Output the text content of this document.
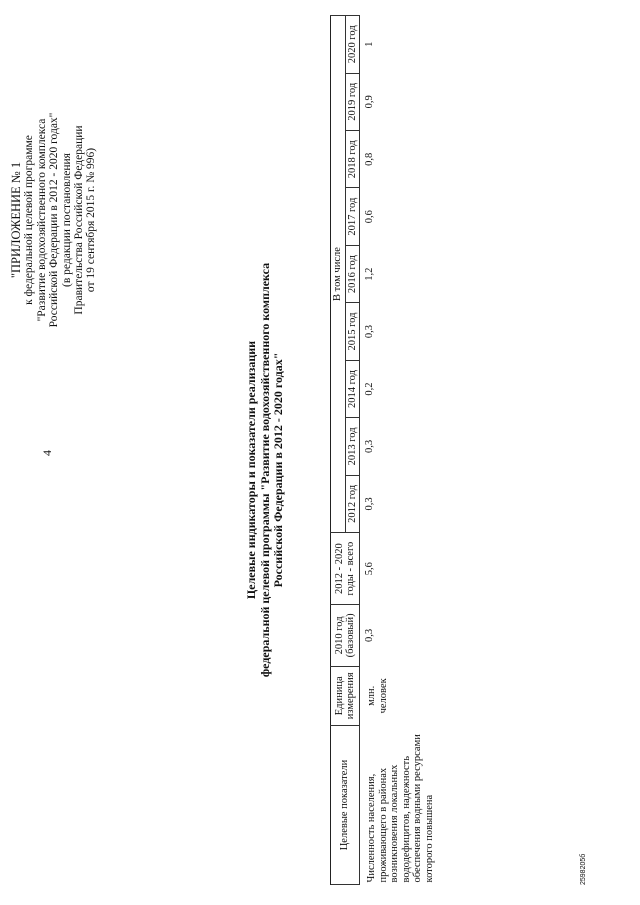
4
"ПРИЛОЖЕНИЕ № 1 к федеральной целевой программе "Развитие водохозяйственного комплекса Российской Федерации в 2012 - 2020 годах" (в редакции постановления Правительства Российской Федерации от 19 сентября 2015 г. № 996)
Целевые индикаторы и показатели реализации федеральной целевой программы "Развитие водохозяйственного комплекса Российской Федерации в 2012 - 2020 годах"
Целевые показатели	Единица измерения	2010 год (базовый)	2012 - 2020 годы - всего	В том числе								
				2012 год	2013 год	2014 год	2015 год	2016 год	2017 год	2018 год	2019 год	2020 год
Численность населения, проживающего в районах возникновения локальных вододефицитов, надежность обеспечения водными ресурсами которого повышена	млн. человек	0,3	5,6	0,3	0,3	0,2	0,3	1,2	0,6	0,8	0,9	1
2598205б
